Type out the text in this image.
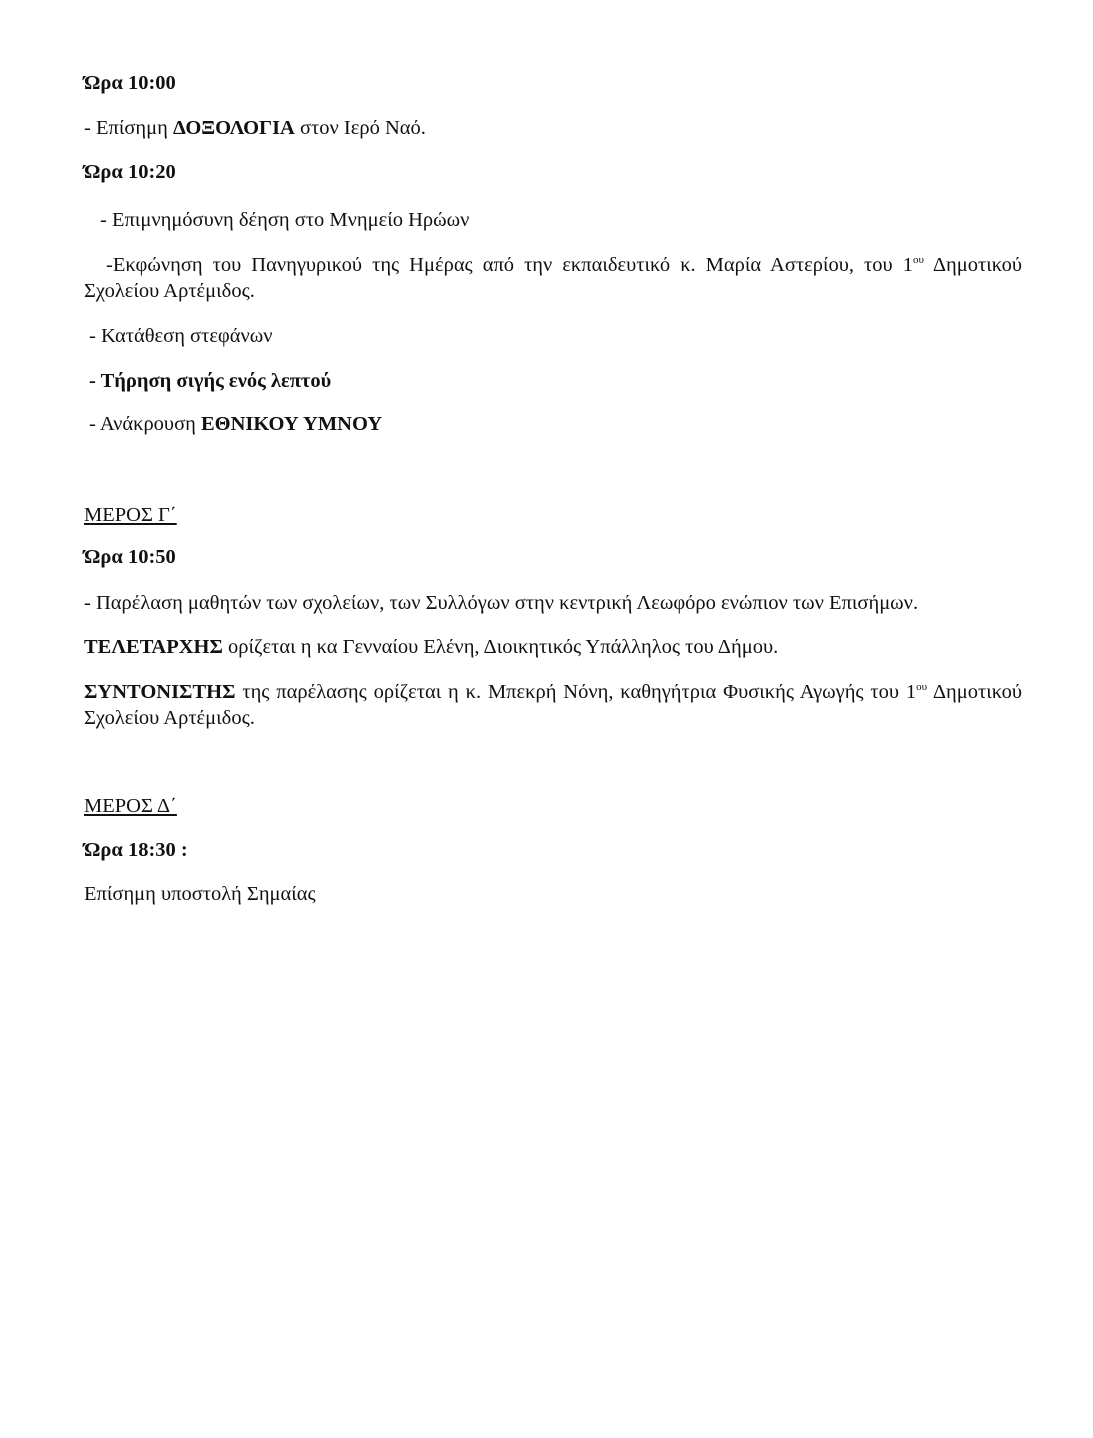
Ώρα 10:00
- Επίσημη ΔΟΞΟΛΟΓΙΑ στον Ιερό Ναό.
Ώρα 10:20
- Επιμνημόσυνη δέηση στο Μνημείο Ηρώων
-Εκφώνηση του Πανηγυρικού της Ημέρας από την εκπαιδευτικό κ. Μαρία Αστερίου, του $1^{o\upsilon}$ Δημοτικού Σχολείου Αρτέμιδος.
- Κατάθεση στεφάνων
- Τήρηση σιγής ενός λεπτού
- Ανάκρουση ΕΘΝΙΚΟΥ ΥΜΝΟΥ
ΜΕΡΟΣ Γ΄
Ώρα 10:50
- Παρέλαση μαθητών των σχολείων, των Συλλόγων στην κεντρική Λεωφόρο ενώπιον των Επισήμων.
ΤΕΛΕΤΑΡΧΗΣ ορίζεται η κα Γενναίου Ελένη, Διοικητικός Υπάλληλος του Δήμου.
ΣΥΝΤΟΝΙΣΤΗΣ της παρέλασης ορίζεται η κ. Μπεκρή Νόνη, καθηγήτρια Φυσικής Αγωγής του $1^{o\upsilon}$ Δημοτικού Σχολείου Αρτέμιδος.
ΜΕΡΟΣ Δ΄
Ώρα 18:30 :
Επίσημη υποστολή Σημαίας
